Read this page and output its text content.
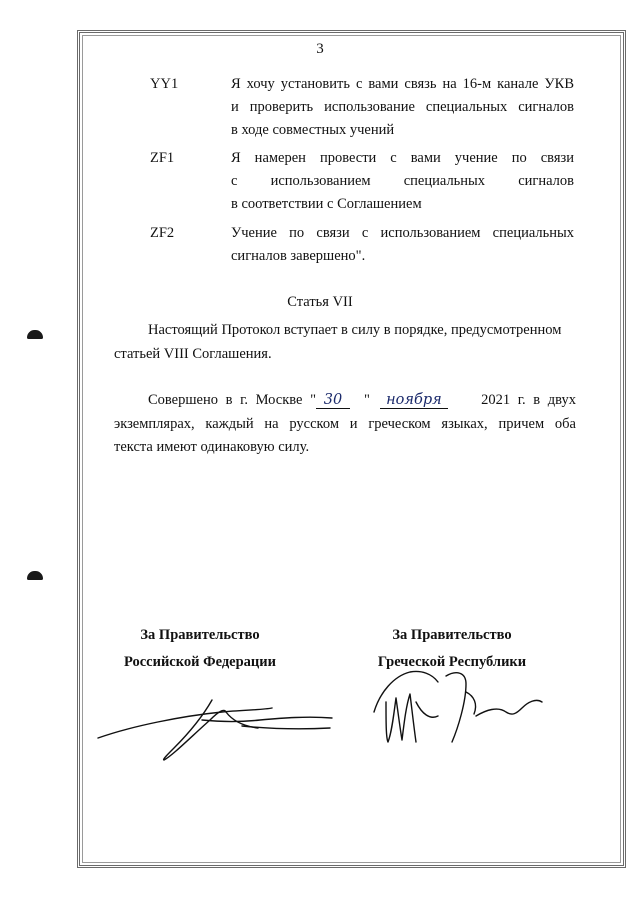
3
YY1	Я хочу установить с вами связь на 16-м канале УКВ
и проверить использование специальных сигналов
в ходе совместных учений
ZF1	Я намерен провести с вами учение по связи
с использованием специальных сигналов
в соответствии с Соглашением
ZF2	Учение по связи с использованием специальных
сигналов завершено".
Статья VII
Настоящий Протокол вступает в силу в порядке, предусмотренном
статьей VIII Соглашения.
Совершено в г. Москве " 30	"	ноября	2021 г. в двух
экземплярах, каждый на русском и греческом языках, причем оба
текста имеют одинаковую силу.
За Правительство
Российской Федерации
За Правительство
Греческой Республики
